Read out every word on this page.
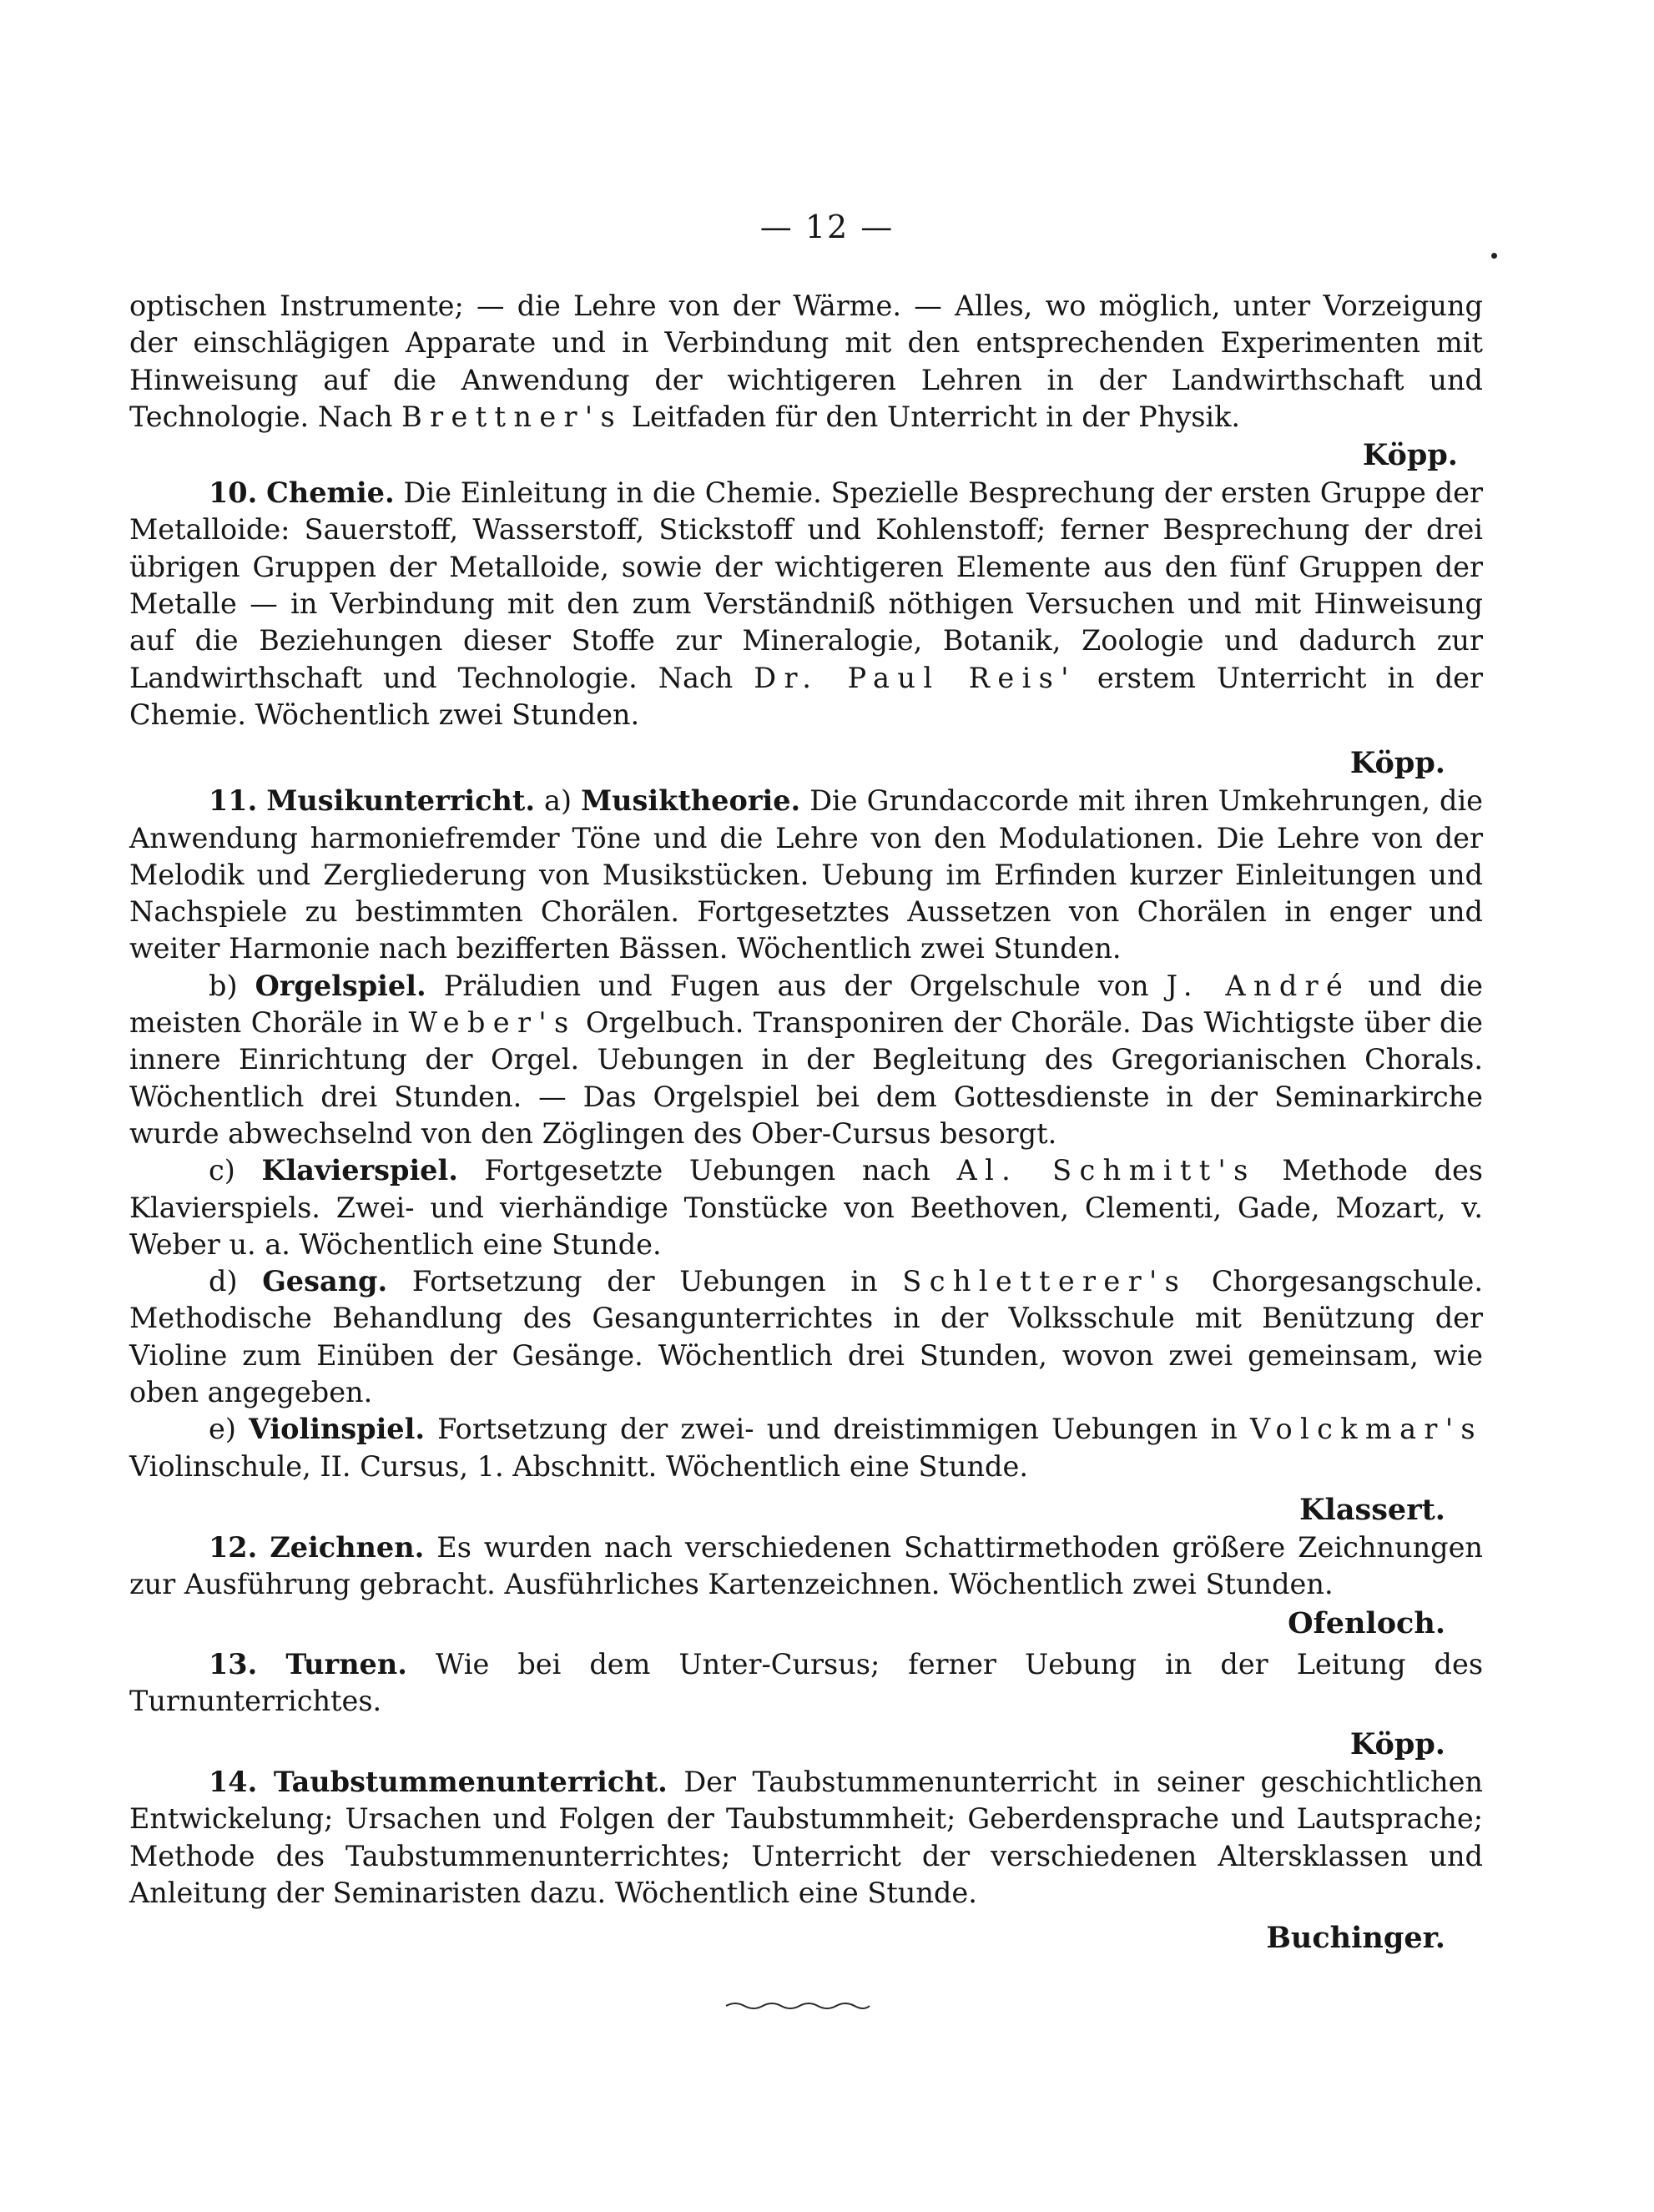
— 12 —

optischen Instrumente; — die Lehre von der Wärme. — Alles, wo möglich, unter Vorzeigung der einschlägigen Apparate und in Verbindung mit den entsprechenden Experimenten mit Hinweisung auf die Anwendung der wichtigeren Lehren in der Landwirthschaft und Technologie. Nach Brettner's Leitfaden für den Unterricht in der Physik.

Köpp.

10. Chemie. Die Einleitung in die Chemie. Spezielle Besprechung der ersten Gruppe der Metalloide: Sauerstoff, Wasserstoff, Stickstoff und Kohlenstoff; ferner Besprechung der drei übrigen Gruppen der Metalloide, sowie der wichtigeren Elemente aus den fünf Gruppen der Metalle — in Verbindung mit den zum Verständniß nöthigen Versuchen und mit Hinweisung auf die Beziehungen dieser Stoffe zur Mineralogie, Botanik, Zoologie und dadurch zur Landwirthschaft und Technologie. Nach Dr. Paul Reis' erstem Unterricht in der Chemie. Wöchentlich zwei Stunden.

Köpp.

11. Musikunterricht. a) Musiktheorie. Die Grundaccorde mit ihren Umkehrungen, die Anwendung harmoniefremder Töne und die Lehre von den Modulationen. Die Lehre von der Melodik und Zergliederung von Musikstücken. Uebung im Erfinden kurzer Einleitungen und Nachspiele zu bestimmten Chorälen. Fortgesetztes Aussetzen von Chorälen in enger und weiter Harmonie nach bezifferten Bässen. Wöchentlich zwei Stunden.

b) Orgelspiel. Präludien und Fugen aus der Orgelschule von J. André und die meisten Choräle in Weber's Orgelbuch. Transponiren der Choräle. Das Wichtigste über die innere Einrichtung der Orgel. Uebungen in der Begleitung des Gregorianischen Chorals. Wöchentlich drei Stunden. — Das Orgelspiel bei dem Gottesdienste in der Seminarkirche wurde abwechselnd von den Zöglingen des Ober-Cursus besorgt.

c) Klavierspiel. Fortgesetzte Uebungen nach Al. Schmitt's Methode des Klavierspiels. Zwei- und vierhändige Tonstücke von Beethoven, Clementi, Gade, Mozart, v. Weber u. a. Wöchentlich eine Stunde.

d) Gesang. Fortsetzung der Uebungen in Schletterer's Chorgesangschule. Methodische Behandlung des Gesangunterrichtes in der Volksschule mit Benützung der Violine zum Einüben der Gesänge. Wöchentlich drei Stunden, wovon zwei gemeinsam, wie oben angegeben.

e) Violinspiel. Fortsetzung der zwei- und dreistimmigen Uebungen in Volckmar's Violinschule, II. Cursus, 1. Abschnitt. Wöchentlich eine Stunde.

Klassert.

12. Zeichnen. Es wurden nach verschiedenen Schattirmethoden größere Zeichnungen zur Ausführung gebracht. Ausführliches Kartenzeichnen. Wöchentlich zwei Stunden.

Ofenloch.

13. Turnen. Wie bei dem Unter-Cursus; ferner Uebung in der Leitung des Turnunterrichtes.

Köpp.

14. Taubstummenunterricht. Der Taubstummenunterricht in seiner geschichtlichen Entwickelung; Ursachen und Folgen der Taubstummheit; Geberdensprache und Lautsprache; Methode des Taubstummenunterrichtes; Unterricht der verschiedenen Altersklassen und Anleitung der Seminaristen dazu. Wöchentlich eine Stunde.

Buchinger.
